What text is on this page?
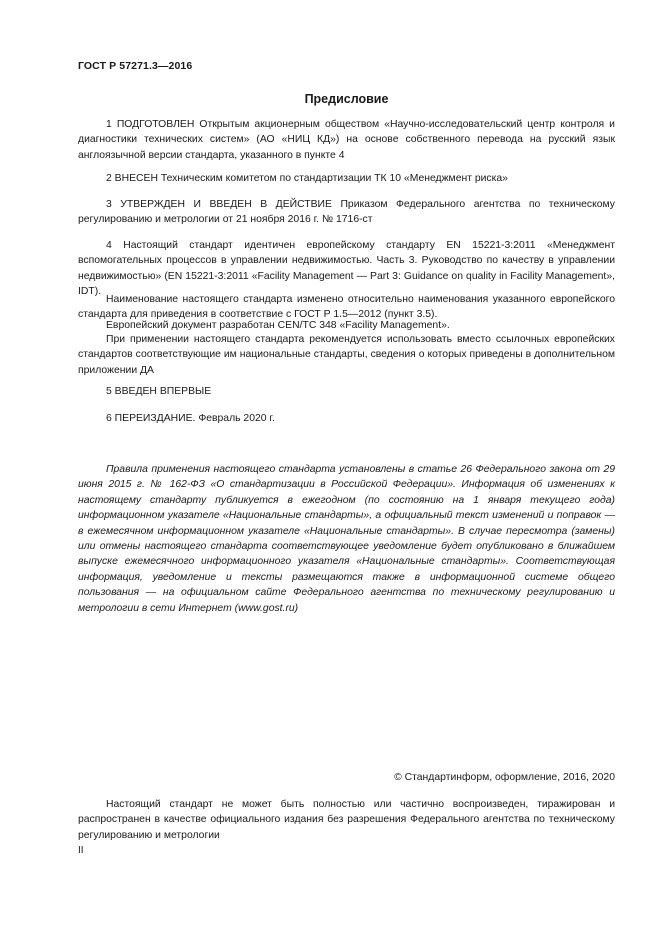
ГОСТ Р 57271.3—2016
Предисловие

1 ПОДГОТОВЛЕН Открытым акционерным обществом «Научно-исследовательский центр контроля и диагностики технических систем» (АО «НИЦ КД») на основе собственного перевода на русский язык англоязычной версии стандарта, указанного в пункте 4

2 ВНЕСЕН Техническим комитетом по стандартизации ТК 10 «Менеджмент риска»

3 УТВЕРЖДЕН И ВВЕДЕН В ДЕЙСТВИЕ Приказом Федерального агентства по техническому регулированию и метрологии от 21 ноября 2016 г. № 1716-ст

4 Настоящий стандарт идентичен европейскому стандарту EN 15221-3:2011 «Менеджмент вспомогательных процессов в управлении недвижимостью. Часть 3. Руководство по качеству в управлении недвижимостью» (EN 15221-3:2011 «Facility Management — Part 3: Guidance on quality in Facility Management», IDT).

Наименование настоящего стандарта изменено относительно наименования указанного европейского стандарта для приведения в соответствие с ГОСТ Р 1.5—2012 (пункт 3.5).

Европейский документ разработан CEN/TC 348 «Facility Management».

При применении настоящего стандарта рекомендуется использовать вместо ссылочных европейских стандартов соответствующие им национальные стандарты, сведения о которых приведены в дополнительном приложении ДА

5 ВВЕДЕН ВПЕРВЫЕ

6 ПЕРЕИЗДАНИЕ. Февраль 2020 г.

Правила применения настоящего стандарта установлены в статье 26 Федерального закона от 29 июня 2015 г. № 162-ФЗ «О стандартизации в Российской Федерации». Информация об изменениях к настоящему стандарту публикуется в ежегодном (по состоянию на 1 января текущего года) информационном указателе «Национальные стандарты», а официальный текст изменений и поправок — в ежемесячном информационном указателе «Национальные стандарты». В случае пересмотра (замены) или отмены настоящего стандарта соответствующее уведомление будет опубликовано в ближайшем выпуске ежемесячного информационного указателя «Национальные стандарты». Соответствующая информация, уведомление и тексты размещаются также в информационной системе общего пользования — на официальном сайте Федерального агентства по техническому регулированию и метрологии в сети Интернет (www.gost.ru)

© Стандартинформ, оформление, 2016, 2020

Настоящий стандарт не может быть полностью или частично воспроизведен, тиражирован и распространен в качестве официального издания без разрешения Федерального агентства по техническому регулированию и метрологии

II
